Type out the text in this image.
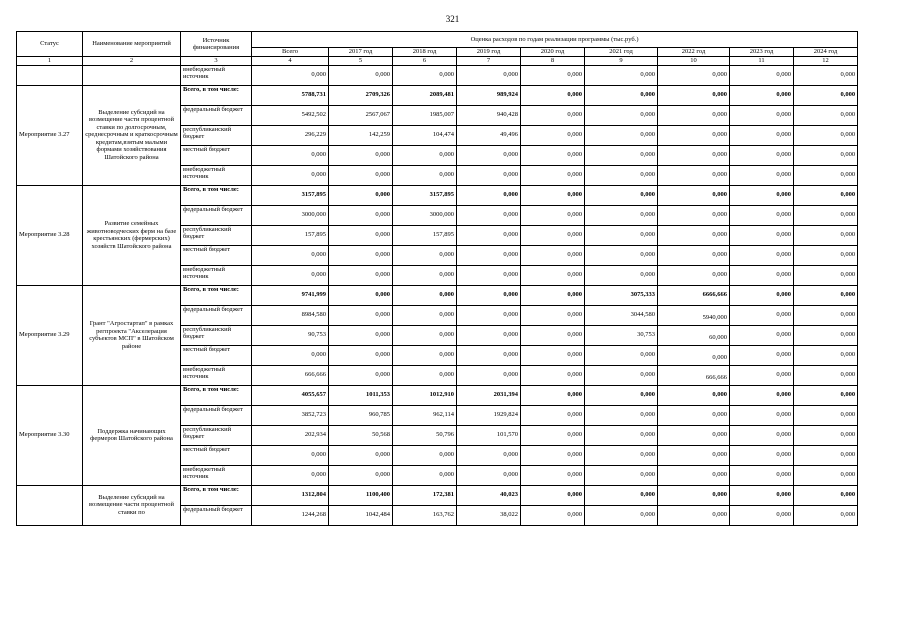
321
Статус	Наименование мероприятий	Источник финансирования	Оценка расходов по годам реализации программы (тыс.руб.)								
			Всего	2017 год	2018 год	2019 год	2020 год	2021 год	2022 год	2023 год	2024 год
1	2	3	4	5	6	7	8	9	10	11	12
		внебюджетный источник	0,000	0,000	0,000	0,000	0,000	0,000	0,000	0,000	0,000
Мероприятие 3.27	Выделение субсидий на возмещение части процентной ставки по долгосрочным, среднесрочным и краткосрочным кредитам,взятым малыми формами хозяйствования Шатойского района	Всего, в том числе:	5788,731	2709,326	2089,481	989,924	0,000	0,000	0,000	0,000	0,000
		федеральный бюджет	5492,502	2567,067	1985,007	940,428	0,000	0,000	0,000	0,000	0,000
		республиканский бюджет	296,229	142,259	104,474	49,496	0,000	0,000	0,000	0,000	0,000
		местный бюджет	0,000	0,000	0,000	0,000	0,000	0,000	0,000	0,000	0,000
		внебюджетный источник	0,000	0,000	0,000	0,000	0,000	0,000	0,000	0,000	0,000
Мероприятие 3.28	Развитие семейных животноводческих ферм на базе крестьянских (фермерских) хозяйств Шатойского района	Всего, в том числе:	3157,895	0,000	3157,895	0,000	0,000	0,000	0,000	0,000	0,000
		федеральный бюджет	3000,000	0,000	3000,000	0,000	0,000	0,000	0,000	0,000	0,000
		республиканский бюджет	157,895	0,000	157,895	0,000	0,000	0,000	0,000	0,000	0,000
		местный бюджет	0,000	0,000	0,000	0,000	0,000	0,000	0,000	0,000	0,000
		внебюджетный источник	0,000	0,000	0,000	0,000	0,000	0,000	0,000	0,000	0,000
Мероприятие 3.29	Грант "Агростартап" в рамках регпроекта "Акселерация субъектов МСП" в Шатойском районе	Всего, в том числе:	9741,999	0,000	0,000	0,000	0,000	3075,333	6666,666	0,000	0,000
		федеральный бюджет	8984,580	0,000	0,000	0,000	0,000	3044,580	5940,000	0,000	0,000
		республиканский бюджет	90,753	0,000	0,000	0,000	0,000	30,753	60,000	0,000	0,000
		местный бюджет	0,000	0,000	0,000	0,000	0,000	0,000	0,000	0,000	0,000
		внебюджетный источник	666,666	0,000	0,000	0,000	0,000	0,000	666,666	0,000	0,000
Мероприятие 3.30	Поддержка начинающих фермеров Шатойского района	Всего, в том числе:	4055,657	1011,353	1012,910	2031,394	0,000	0,000	0,000	0,000	0,000
		федеральный бюджет	3852,723	960,785	962,114	1929,824	0,000	0,000	0,000	0,000	0,000
		республиканский бюджет	202,934	50,568	50,796	101,570	0,000	0,000	0,000	0,000	0,000
		местный бюджет	0,000	0,000	0,000	0,000	0,000	0,000	0,000	0,000	0,000
		внебюджетный источник	0,000	0,000	0,000	0,000	0,000	0,000	0,000	0,000	0,000
	Выделение субсидий на возмещение части процентной ставки по	Всего, в том числе:	1312,804	1100,400	172,381	40,023	0,000	0,000	0,000	0,000	0,000
		федеральный бюджет	1244,268	1042,484	163,762	38,022	0,000	0,000	0,000	0,000	0,000
